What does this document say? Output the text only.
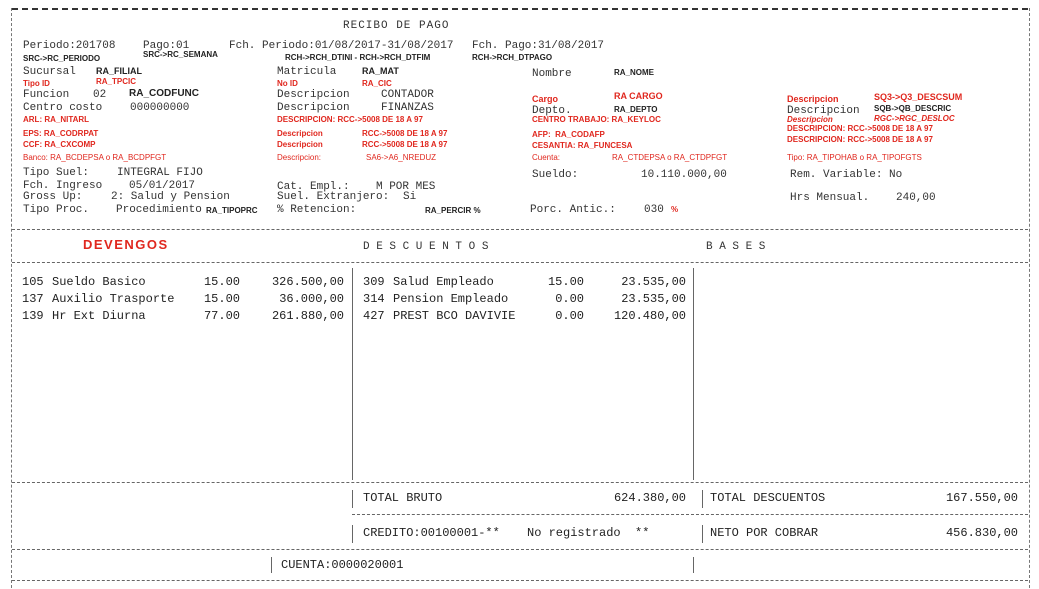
RECIBO DE PAGO
Periodo:201708	Pago:01	Fch. Periodo:01/08/2017-31/08/2017 Fch. Pago:31/08/2017
SRC->RC_PERIODO	SRC->RC_SEMANA	RCH->RCH_DTINI - RCH->RCH_DTFIM	RCH->RCH_DTPAGO
Sucursal RA_FILIAL	Matricula	RA_MAT	Nombre	RA_NOME
Tipo ID	RA_TPCIC	No ID	RA_CIC
Funcion 02 RA_CODFUNC	Descripcion	CONTADOR	Cargo	RA CARGO	Descripcion	SQ3->Q3_DESCSUM
Centro costo	000000000	Descripcion	FINANZAS	Depto.	RA_DEPTO	Descripcion SQB->QB_DESCRIC
ARL: RA_NITARL	DESCRIPCION: RCC->5008 DE 18 A 97	CENTRO TRABAJO: RA_KEYLOC	Descripcion	RGC->RGC_DESLOC
DESCRIPCION: RCC->5008 DE 18 A 97
EPS: RA_CODRPAT	Descripcion	RCC->5008 DE 18 A 97	AFP:  RA_CODAFP
DESCRIPCION: RCC->5008 DE 18 A 97
CCF: RA_CXCOMP	Descripcion	RCC->5008 DE 18 A 97	CESANTIA: RA_FUNCESA
Banco: RA_BCDEPSA o RA_BCDPFGT	Descripcion:	SA6->A6_NREDUZ	Cuenta:	RA_CTDEPSA o RA_CTDPFGT	Tipo: RA_TIPOHAB o RA_TIPOFGTS
Tipo Suel:	INTEGRAL FIJO	Sueldo:	10.110.000,00	Rem. Variable: No
Fch. Ingreso 05/01/2017	Cat. Empl.: M POR MES
Gross Up:	2: Salud y Pension	Suel. Extranjero: Si	Hrs Mensual. 240,00
Tipo Proc. Procedimiento RA_TIPOPRC % Retencion:	RA_PERCIR %	Porc. Antic.:	030 %
DEVENGOS	D E S C U E N T O S	B A S E S
105 Sueldo Basico	15.00	326.500,00
137 Auxilio Trasporte	15.00	36.000,00
139 Hr Ext Diurna	77.00	261.880,00
309 Salud Empleado	15.00	23.535,00
314 Pension Empleado	0.00	23.535,00
427 PREST BCO DAVIVIE	0.00	120.480,00
TOTAL BRUTO	624.380,00 TOTAL DESCUENTOS	167.550,00
CREDITO:00100001-** No registrado  **	NETO POR COBRAR	456.830,00
CUENTA:0000020001
